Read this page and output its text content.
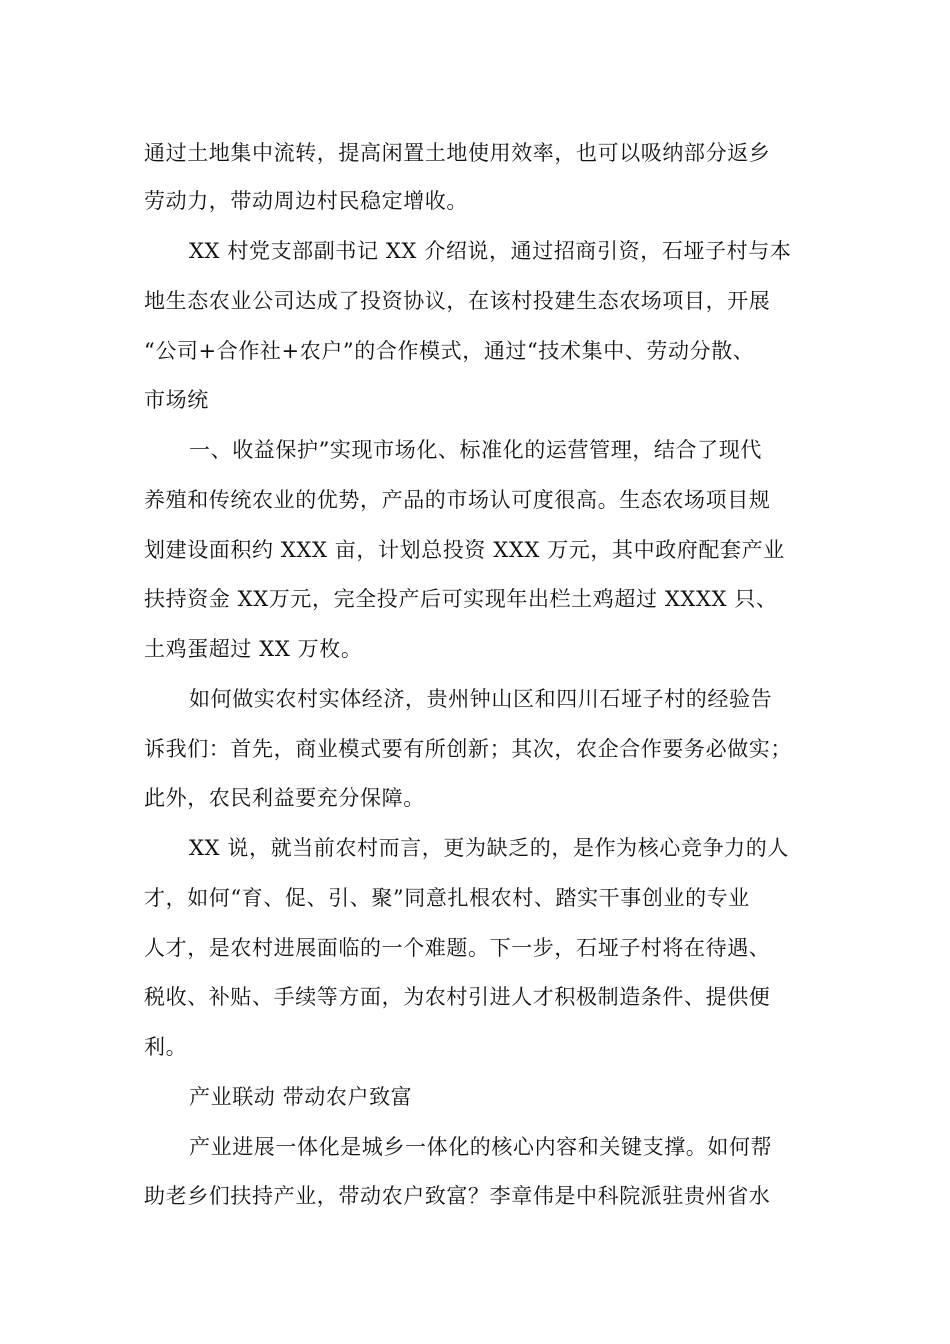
通过土地集中流转，提高闲置土地使用效率，也可以吸纳部分返乡
劳动力，带动周边村民稳定增收。
XX 村党支部副书记 XX 介绍说，通过招商引资，石垭子村与本
地生态农业公司达成了投资协议，在该村投建生态农场项目，开展
“公司+合作社+农户”的合作模式，通过“技术集中、劳动分散、
市场统
一、收益保护”实现市场化、标准化的运营管理，结合了现代
养殖和传统农业的优势，产品的市场认可度很高。生态农场项目规
划建设面积约 XXX 亩，计划总投资 XXX 万元，其中政府配套产业
扶持资金 XX万元，完全投产后可实现年出栏土鸡超过 XXXX 只、
土鸡蛋超过 XX 万枚。
如何做实农村实体经济，贵州钟山区和四川石垭子村的经验告
诉我们：首先，商业模式要有所创新；其次，农企合作要务必做实；
此外，农民利益要充分保障。
XX 说，就当前农村而言，更为缺乏的，是作为核心竞争力的人
才，如何“育、促、引、聚”同意扎根农村、踏实干事创业的专业
人才，是农村进展面临的一个难题。下一步，石垭子村将在待遇、
税收、补贴、手续等方面，为农村引进人才积极制造条件、提供便
利。
产业联动 带动农户致富
产业进展一体化是城乡一体化的核心内容和关键支撑。如何帮
助老乡们扶持产业，带动农户致富？李章伟是中科院派驻贵州省水
